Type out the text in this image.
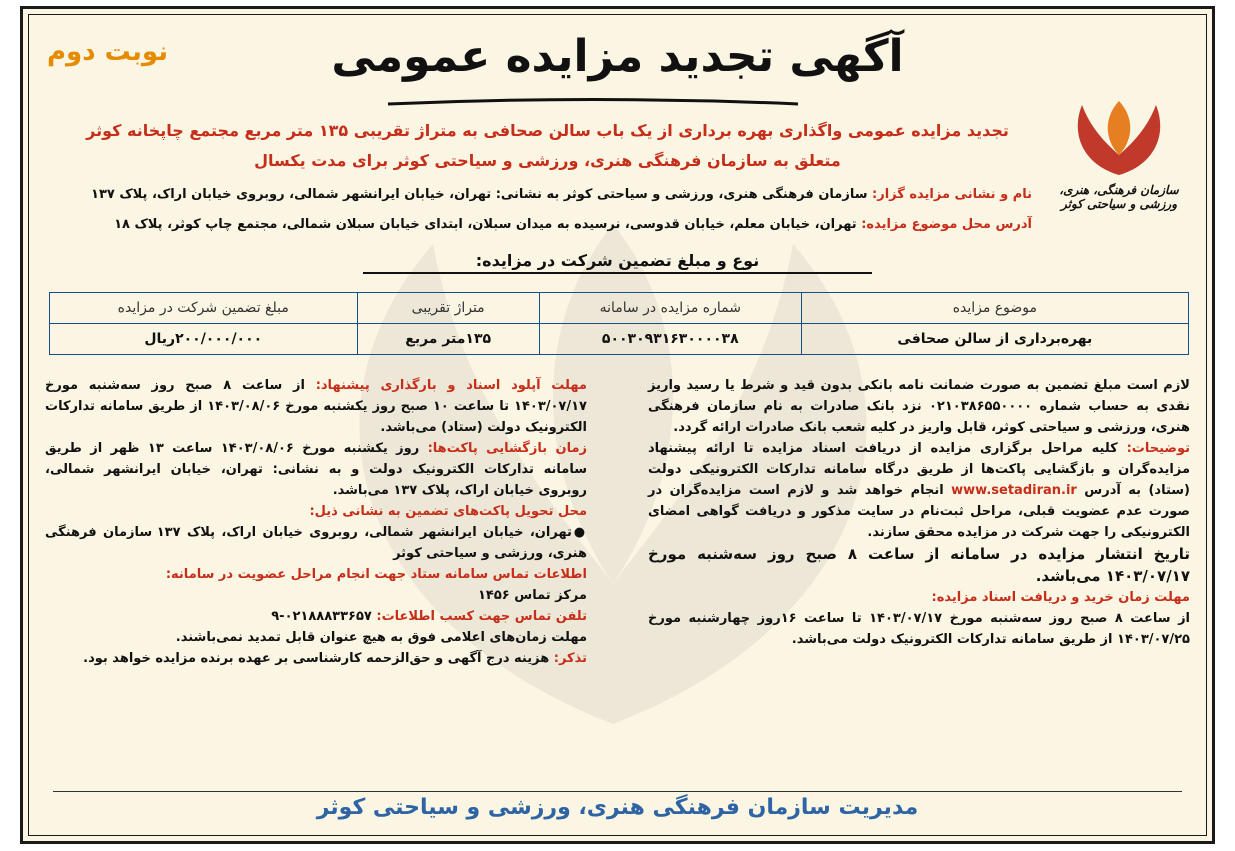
نوبت دوم	آگهی تجدید مزایده عمومی
سازمان فرهنگی، هنری، ورزشی و سیاحتی کوثر
تجدید مزایده عمومی واگذاری بهره برداری از یک باب سالن صحافی به متراژ تقریبی ۱۳۵ متر مربع مجتمع چاپخانه کوثر
متعلق به سازمان فرهنگی هنری، ورزشی و سیاحتی کوثر برای مدت یکسال
نام و نشانی مزایده گزار: سازمان فرهنگی هنری، ورزشی و سیاحتی کوثر به نشانی: تهران، خیابان ایرانشهر شمالی، روبروی خیابان اراک، پلاک ۱۳۷
آدرس محل موضوع مزایده: تهران، خیابان معلم، خیابان قدوسی، نرسیده به میدان سبلان، ابتدای خیابان سبلان شمالی، مجتمع چاپ کوثر، پلاک ۱۸
نوع و مبلغ تضمین شرکت در مزایده:
موضوع مزایده	شماره مزایده در سامانه	متراژ تقریبی	مبلغ تضمین شرکت در مزایده
بهره‌برداری از سالن صحافی	۵۰۰۳۰۹۳۱۶۳۰۰۰۰۳۸	۱۳۵متر مربع	۲۰۰/۰۰۰/۰۰۰ریال

لازم است مبلغ تضمین به صورت ضمانت نامه بانکی بدون قید و شرط یا رسید واریز نقدی به حساب شماره ۰۲۱۰۳۸۶۵۵۰۰۰۰ نزد بانک صادرات به نام سازمان فرهنگی هنری، ورزشی و سیاحتی کوثر، قابل واریز در کلیه شعب بانک صادرات ارائه گردد.

توضیحات: کلیه مراحل برگزاری مزایده از دریافت اسناد مزایده تا ارائه پیشنهاد مزایده‌گران و بازگشایی پاکت‌ها از طریق درگاه سامانه تدارکات الکترونیکی دولت (ستاد) به آدرس www.setadiran.ir انجام خواهد شد و لازم است مزایده‌گران در صورت عدم عضویت قبلی، مراحل ثبت‌نام در سایت مذکور و دریافت گواهی امضای الکترونیکی را جهت شرکت در مزایده محقق سازند.

تاریخ انتشار مزایده در سامانه از ساعت ۸ صبح روز سه‌شنبه مورخ ۱۴۰۳/۰۷/۱۷ می‌باشد.

مهلت زمان خرید و دریافت اسناد مزایده:

از ساعت ۸ صبح روز سه‌شنبه مورخ ۱۴۰۳/۰۷/۱۷ تا ساعت ۱۶روز چهارشنبه مورخ ۱۴۰۳/۰۷/۲۵ از طریق سامانه تدارکات الکترونیک دولت می‌باشد.

مهلت آپلود اسناد و بارگذاری پیشنهاد: از ساعت ۸ صبح روز سه‌شنبه مورخ ۱۴۰۳/۰۷/۱۷ تا ساعت ۱۰ صبح روز یکشنبه مورخ ۱۴۰۳/۰۸/۰۶ از طریق سامانه تدارکات الکترونیک دولت (ستاد) می‌باشد.

زمان بازگشایی پاکت‌ها: روز یکشنبه مورخ ۱۴۰۳/۰۸/۰۶ ساعت ۱۳ ظهر از طریق سامانه تدارکات الکترونیک دولت و به نشانی: تهران، خیابان ایرانشهر شمالی، روبروی خیابان اراک، پلاک ۱۳۷ می‌باشد.

محل تحویل پاکت‌های تضمین به نشانی ذیل:

●تهران، خیابان ایرانشهر شمالی، روبروی خیابان اراک، پلاک ۱۳۷ سازمان فرهنگی هنری، ورزشی و سیاحتی کوثر

اطلاعات تماس سامانه ستاد جهت انجام مراحل عضویت در سامانه:

مرکز تماس ۱۴۵۶

تلفن تماس جهت کسب اطلاعات: ۰۲۱۸۸۸۳۳۶۵۷-۹

مهلت زمان‌های اعلامی فوق به هیچ عنوان قابل تمدید نمی‌باشند.

تذکر: هزینه درج آگهی و حق‌الزحمه کارشناسی بر عهده برنده مزایده خواهد بود.

مدیریت سازمان فرهنگی هنری، ورزشی و سیاحتی کوثر
